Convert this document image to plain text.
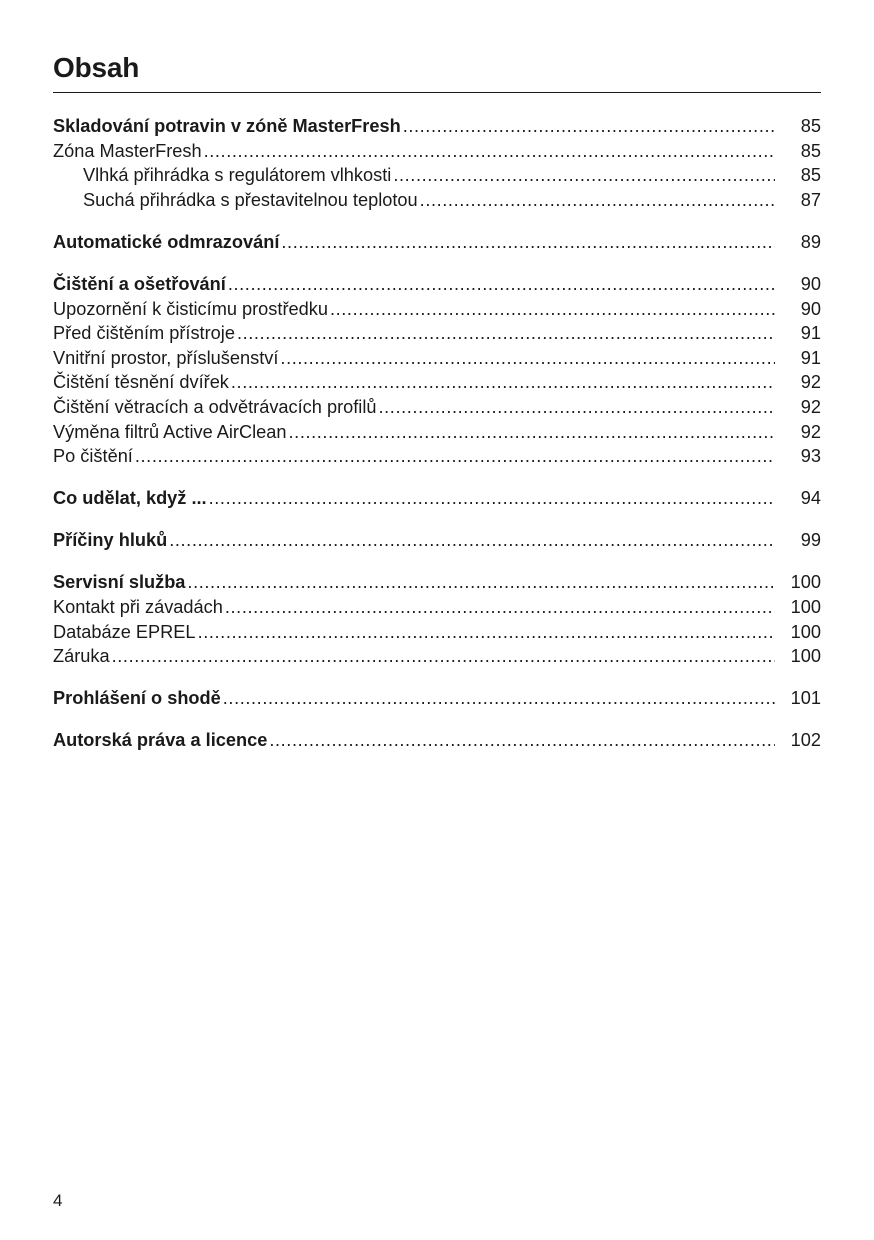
Obsah
Skladování potravin v zóně MasterFresh .....	85
Zóna MasterFresh .....	85
Vlhká přihrádka s regulátorem vlhkosti .....	85
Suchá přihrádka s přestavitelnou teplotou .....	87
Automatické odmrazování .....	89
Čištění a ošetřování .....	90
Upozornění k čisticímu prostředku .....	90
Před čištěním přístroje .....	91
Vnitřní prostor, příslušenství .....	91
Čištění těsnění dvířek .....	92
Čištění větracích a odvětrávacích profilů .....	92
Výměna filtrů Active AirClean .....	92
Po čištění .....	93
Co udělat, když ... .....	94
Příčiny hluků .....	99
Servisní služba .....	100
Kontakt při závadách .....	100
Databáze EPREL .....	100
Záruka .....	100
Prohlášení o shodě .....	101
Autorská práva a licence .....	102
4
